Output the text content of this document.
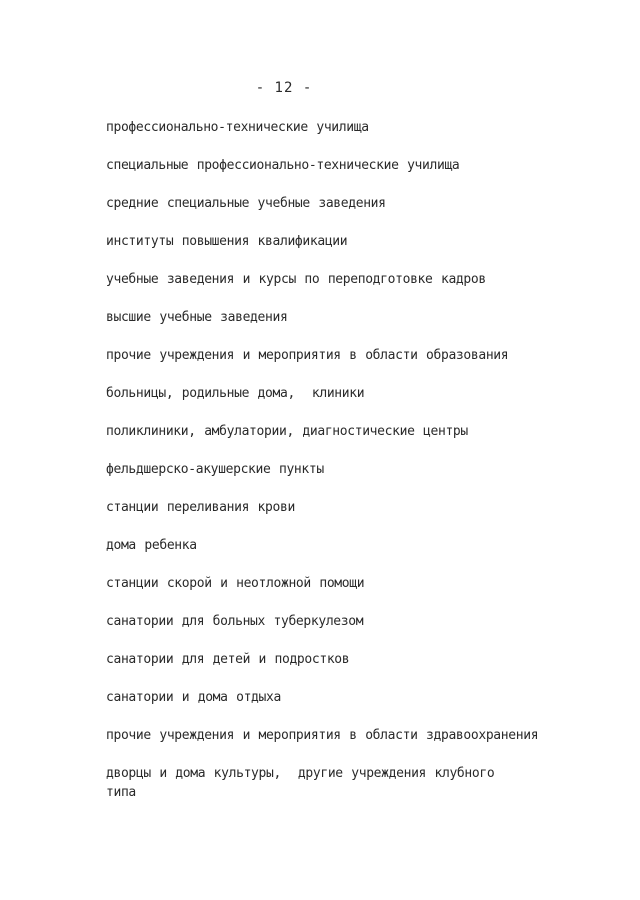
- 12 -
профессионально-технические училища
специальные профессионально-технические училища
средние специальные учебные заведения
институты повышения квалификации
учебные заведения и курсы по переподготовке кадров
высшие учебные заведения
прочие учреждения и мероприятия в области образования
больницы, родильные дома,  клиники
поликлиники, амбулатории, диагностические центры
фельдшерско-акушерские пункты
станции переливания крови
дома ребенка
станции скорой и неотложной помощи
санатории для больных туберкулезом
санатории для детей и подростков
санатории и дома отдыха
прочие учреждения и мероприятия в области здравоохранения
дворцы и дома культуры,  другие учреждения клубного типа
